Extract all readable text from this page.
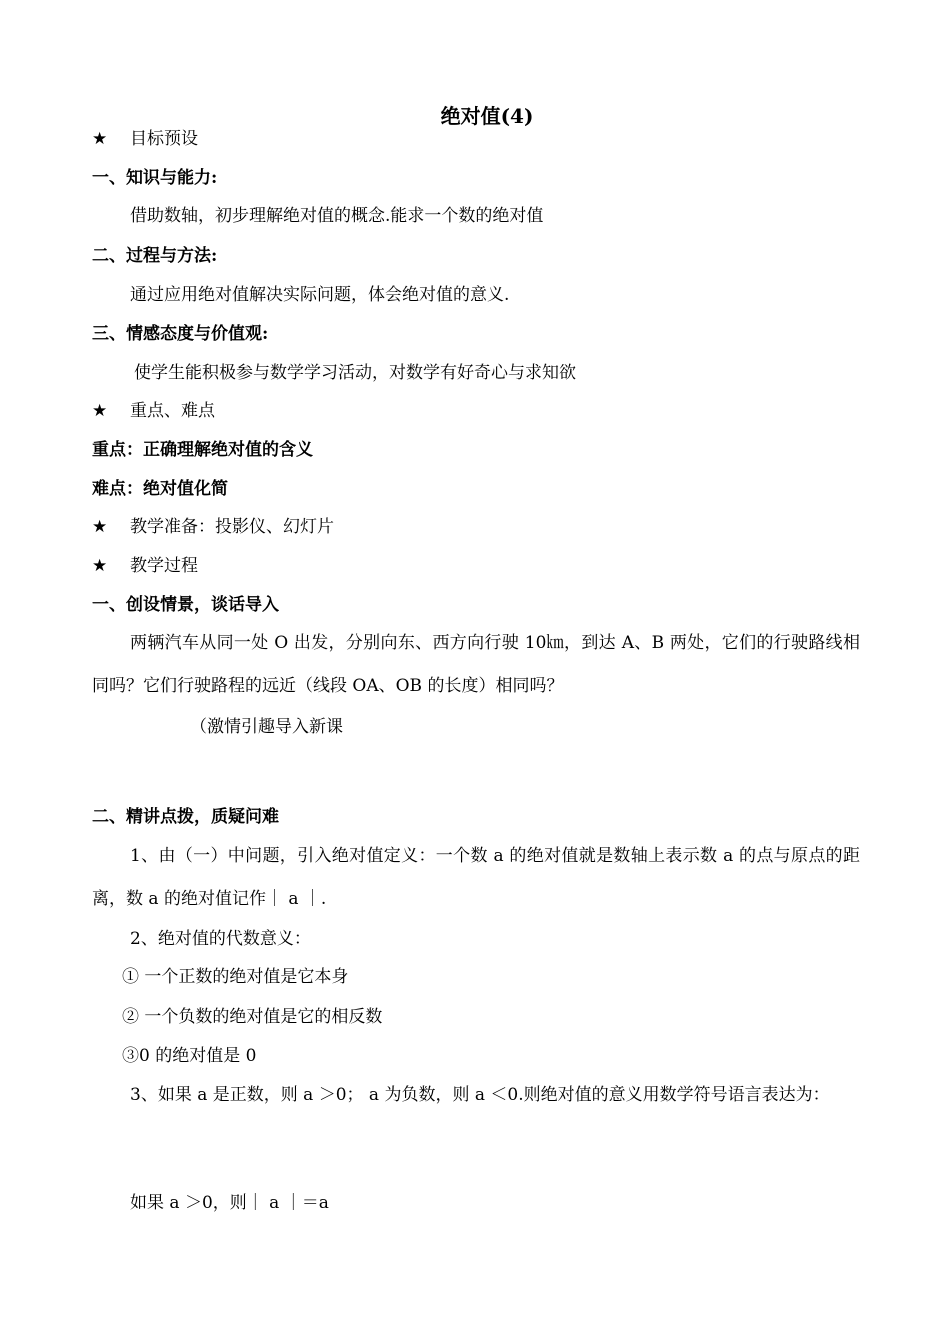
绝对值(4)
★ 目标预设
一、知识与能力:
借助数轴，初步理解绝对值的概念.能求一个数的绝对值
二、过程与方法:
通过应用绝对值解决实际问题，体会绝对值的意义.
三、情感态度与价值观:
使学生能积极参与数学学习活动，对数学有好奇心与求知欲
★ 重点、难点
重点：正确理解绝对值的含义
难点：绝对值化简
★ 教学准备：投影仪、幻灯片
★ 教学过程
一、创设情景，谈话导入
两辆汽车从同一处 O 出发，分别向东、西方向行驶 10㎞，到达 A、B 两处，它们的行驶路线相同吗？它们行驶路程的远近（线段 OA、OB 的长度）相同吗？
（激情引趣导入新课
二、精讲点拨，质疑问难
1、由（一）中问题，引入绝对值定义：一个数 a 的绝对值就是数轴上表示数 a 的点与原点的距离，数 a 的绝对值记作｜ a ｜.
2、绝对值的代数意义：
① 一个正数的绝对值是它本身
② 一个负数的绝对值是它的相反数
③0 的绝对值是 0
3、如果 a 是正数，则 a ＞0； a 为负数，则 a ＜0.则绝对值的意义用数学符号语言表达为：
如果 a ＞0，则｜ a ｜＝a
